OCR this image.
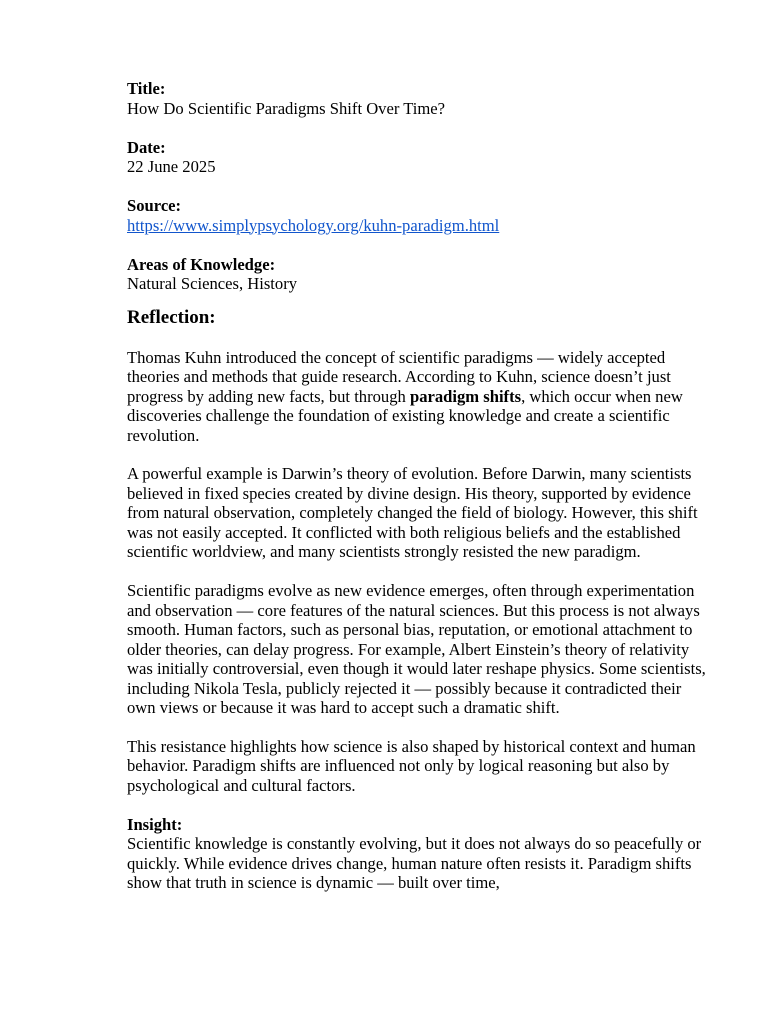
Title:
How Do Scientific Paradigms Shift Over Time?
Date:
22 June 2025
Source:
https://www.simplypsychology.org/kuhn-paradigm.html
Areas of Knowledge:
Natural Sciences, History
Reflection:

Thomas Kuhn introduced the concept of scientific paradigms — widely accepted theories and methods that guide research. According to Kuhn, science doesn’t just progress by adding new facts, but through paradigm shifts, which occur when new discoveries challenge the foundation of existing knowledge and create a scientific revolution.

A powerful example is Darwin’s theory of evolution. Before Darwin, many scientists believed in fixed species created by divine design. His theory, supported by evidence from natural observation, completely changed the field of biology. However, this shift was not easily accepted. It conflicted with both religious beliefs and the established scientific worldview, and many scientists strongly resisted the new paradigm.

Scientific paradigms evolve as new evidence emerges, often through experimentation and observation — core features of the natural sciences. But this process is not always smooth. Human factors, such as personal bias, reputation, or emotional attachment to older theories, can delay progress. For example, Albert Einstein’s theory of relativity was initially controversial, even though it would later reshape physics. Some scientists, including Nikola Tesla, publicly rejected it — possibly because it contradicted their own views or because it was hard to accept such a dramatic shift.

This resistance highlights how science is also shaped by historical context and human behavior. Paradigm shifts are influenced not only by logical reasoning but also by psychological and cultural factors.

Insight:
Scientific knowledge is constantly evolving, but it does not always do so peacefully or quickly. While evidence drives change, human nature often resists it. Paradigm shifts show that truth in science is dynamic — built over time,
